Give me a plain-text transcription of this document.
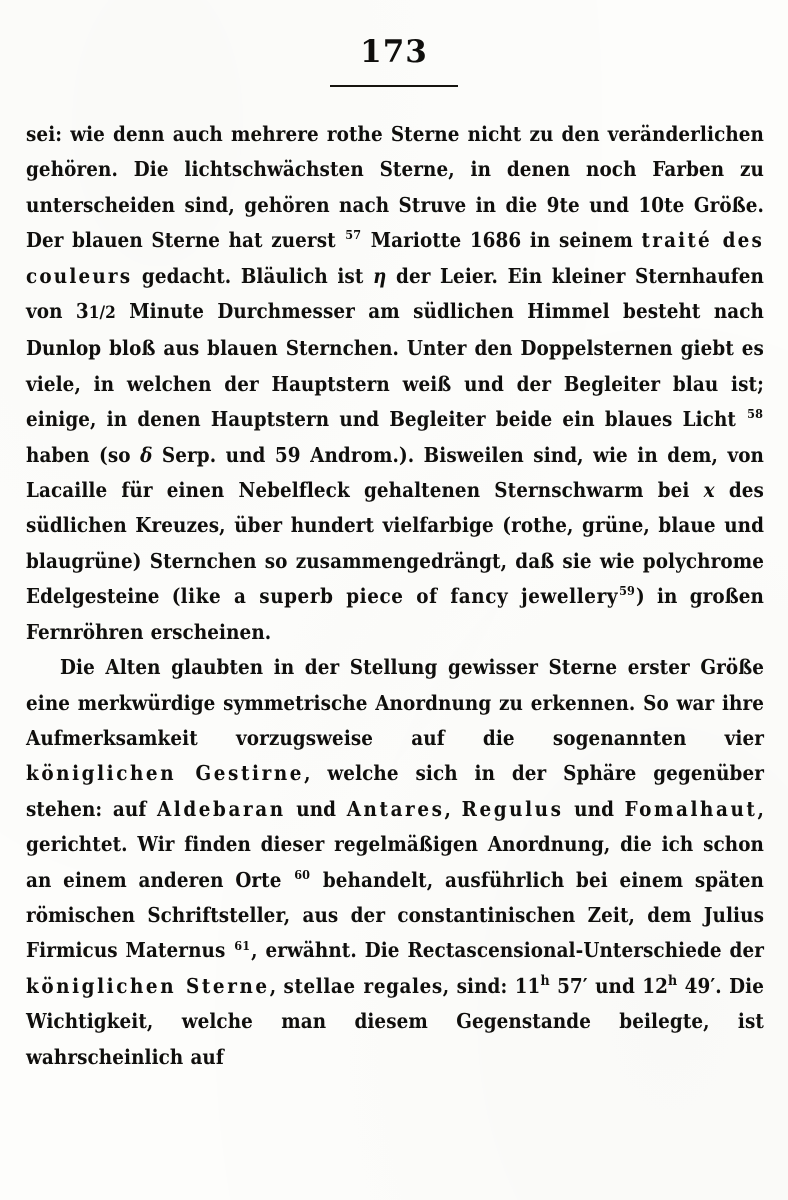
173

sei: wie denn auch mehrere rothe Sterne nicht zu den veränderlichen gehören. Die lichtschwächsten Sterne, in denen noch Farben zu unterscheiden sind, gehören nach Struve in die 9te und 10te Größe. Der blauen Sterne hat zuerst $^{57}$ Mariotte 1686 in seinem traité des couleurs gedacht. Bläulich ist η der Leier. Ein kleiner Sternhaufen von 31/2 Minute Durchmesser am südlichen Himmel besteht nach Dunlop bloß aus blauen Sternchen. Unter den Doppelsternen giebt es viele, in welchen der Hauptstern weiß und der Begleiter blau ist; einige, in denen Hauptstern und Begleiter beide ein blaues Licht $^{58}$ haben (so δ Serp. und 59 Androm.). Bisweilen sind, wie in dem, von Lacaille für einen Nebelfleck gehaltenen Sternschwarm bei x des südlichen Kreuzes, über hundert vielfarbige (rothe, grüne, blaue und blaugrüne) Sternchen so zusammengedrängt, daß sie wie polychrome Edelgesteine (like a superb piece of fancy jewellery$^{59}$) in großen Fernröhren erscheinen.

Die Alten glaubten in der Stellung gewisser Sterne erster Größe eine merkwürdige symmetrische Anordnung zu erkennen. So war ihre Aufmerksamkeit vorzugsweise auf die sogenannten vier königlichen Gestirne, welche sich in der Sphäre gegenüber stehen: auf Aldebaran und Antares, Regulus und Fomalhaut, gerichtet. Wir finden dieser regelmäßigen Anordnung, die ich schon an einem anderen Orte $^{60}$ behandelt, ausführlich bei einem späten römischen Schriftsteller, aus der constantinischen Zeit, dem Julius Firmicus Maternus $^{61}$, erwähnt. Die Rectascensional-Unterschiede der königlichen Sterne, stellae regales, sind: 11$^h$ 57′ und 12$^h$ 49′. Die Wichtigkeit, welche man diesem Gegenstande beilegte, ist wahrscheinlich auf
